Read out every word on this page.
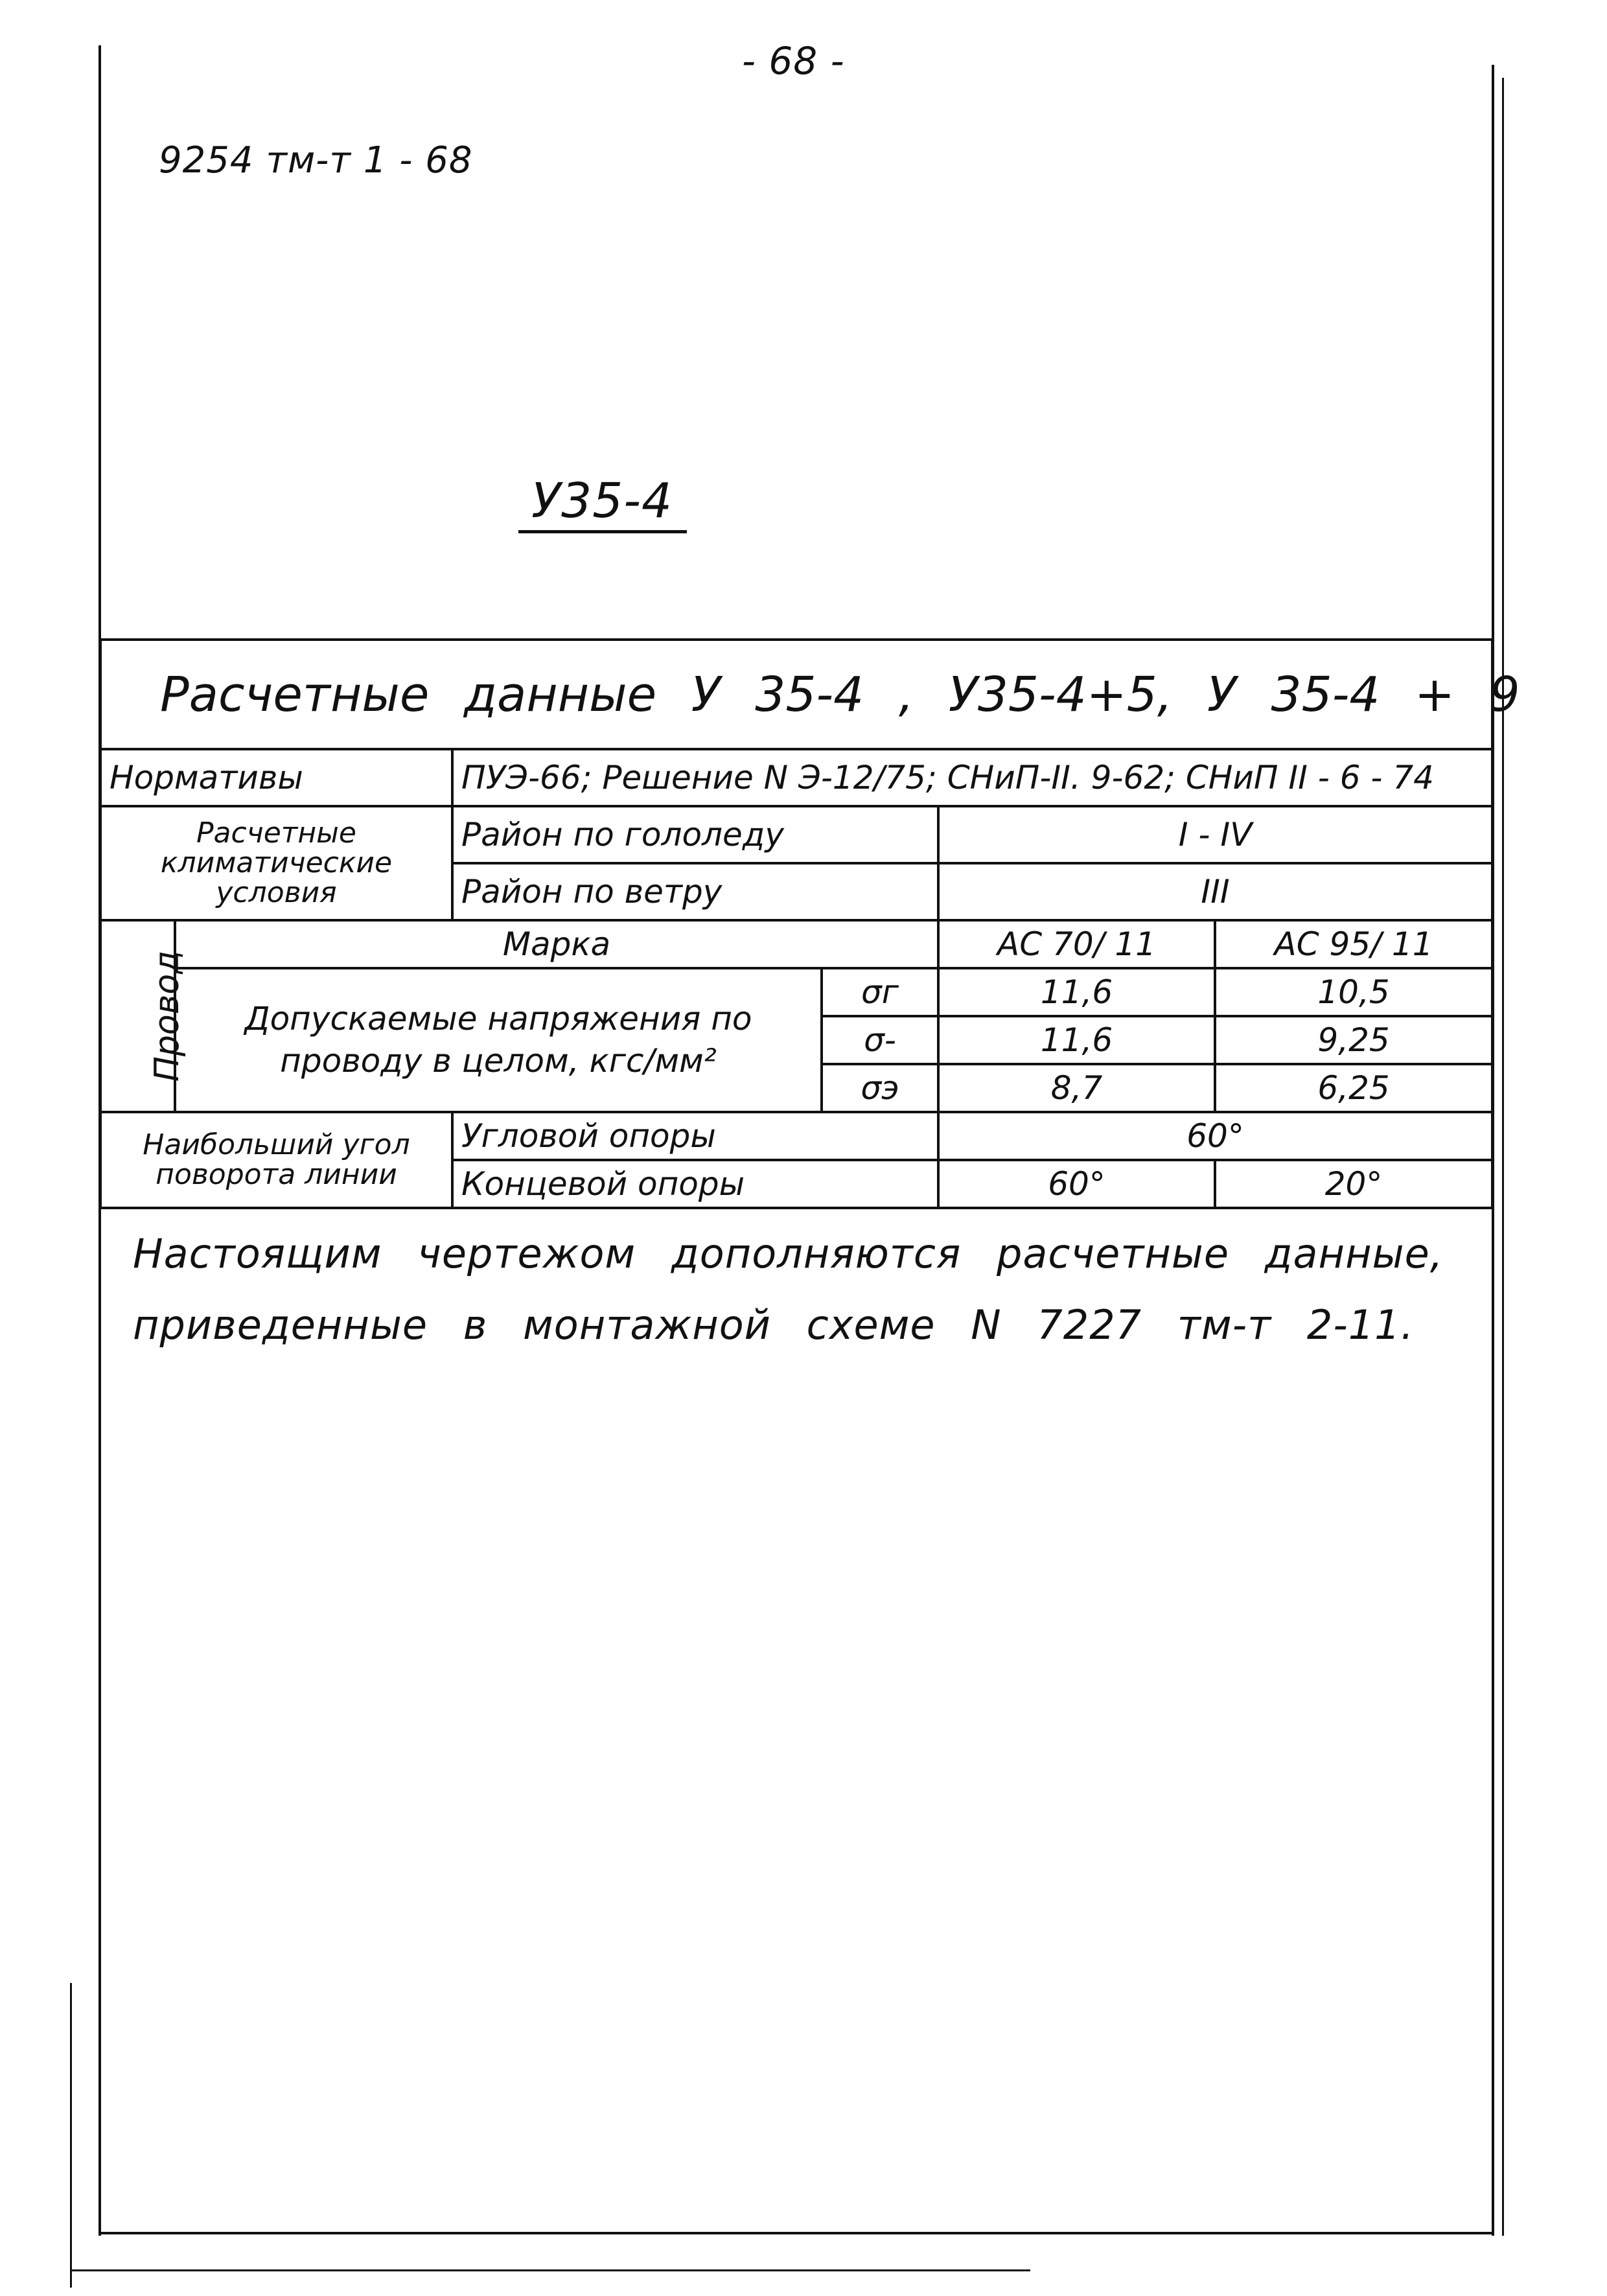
- 68 -
9254 тм-т 1 - 68
У35-4
Расчетные данные У 35-4 , У35-4+5, У 35-4 + 9					
Нормативы		ПУЭ-66; Решение N Э-12/75; СНиП-II. 9-62; СНиП II - 6 - 74			
Расчетные климатические условия		Район по гололеду		I - IV	
		Район по ветру		III	
Провод	Марка			АС 70/ 11	АС 95/ 11
	Допускаемые напряжения по проводу в целом, кгс/мм²		σг	11,6	10,5
			σ-	11,6	9,25
			σэ	8,7	6,25
Наибольший угол поворота линии		Угловой опоры		60°	
		Концевой опоры		60°	20°
Настоящим чертежом дополняются расчетные данные,
приведенные в монтажной схеме N 7227 тм-т 2-11.
